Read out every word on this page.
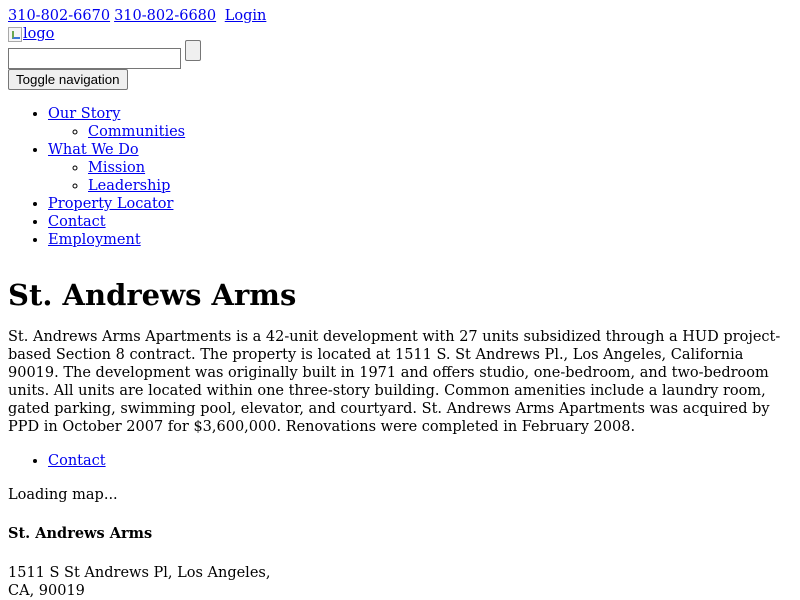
310-802-6670 310-802-6680 Login
logo
Toggle navigation
• Our Story
◦ Communities
• What We Do
◦ Mission
◦ Leadership
• Property Locator
• Contact
• Employment
St. Andrews Arms

St. Andrews Arms Apartments is a 42-unit development with 27 units subsidized through a HUD project-based Section 8 contract. The property is located at 1511 S. St Andrews Pl., Los Angeles, California 90019. The development was originally built in 1971 and offers studio, one-bedroom, and two-bedroom units. All units are located within one three-story building. Common amenities include a laundry room, gated parking, swimming pool, elevator, and courtyard. St. Andrews Arms Apartments was acquired by PPD in October 2007 for $3,600,000. Renovations were completed in February 2008.

• Contact
Loading map...
St. Andrews Arms
1511 S St Andrews Pl, Los Angeles,
CA, 90019
